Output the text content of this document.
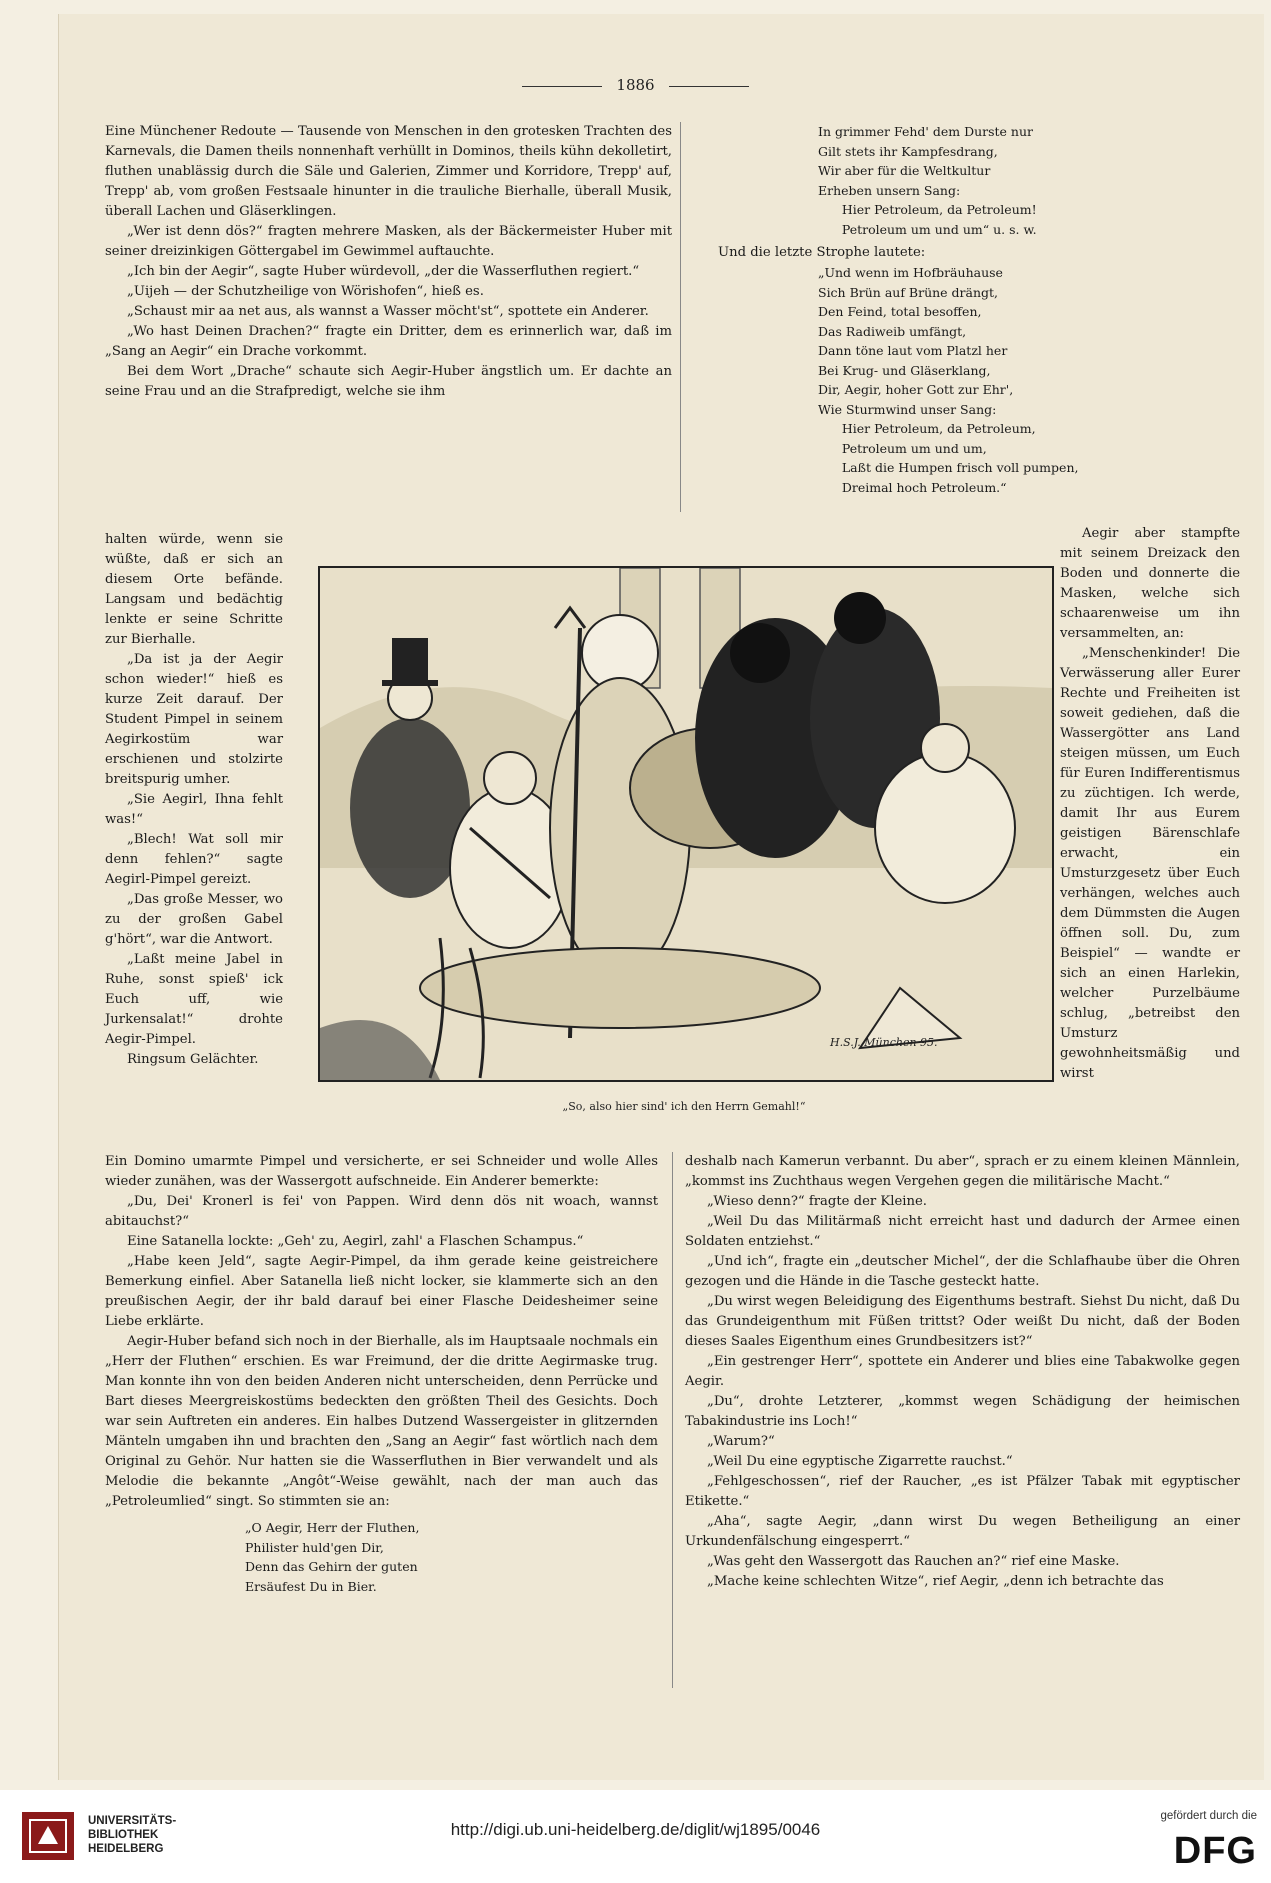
1886

Eine Münchener Redoute — Tausende von Menschen in den grotesken Trachten des Karnevals, die Damen theils nonnenhaft verhüllt in Dominos, theils kühn dekolletirt, fluthen unablässig durch die Säle und Galerien, Zimmer und Korridore, Trepp' auf, Trepp' ab, vom großen Festsaale hinunter in die trauliche Bierhalle, überall Musik, überall Lachen und Gläserklingen.

„Wer ist denn dös?“ fragten mehrere Masken, als der Bäckermeister Huber mit seiner dreizinkigen Göttergabel im Gewimmel auftauchte.

„Ich bin der Aegir“, sagte Huber würdevoll, „der die Wasserfluthen regiert.“

„Uijeh — der Schutzheilige von Wörishofen“, hieß es.

„Schaust mir aa net aus, als wannst a Wasser möcht'st“, spottete ein Anderer.

„Wo hast Deinen Drachen?“ fragte ein Dritter, dem es erinnerlich war, daß im „Sang an Aegir“ ein Drache vorkommt.

Bei dem Wort „Drache“ schaute sich Aegir-Huber ängstlich um. Er dachte an seine Frau und an die Strafpredigt, welche sie ihm

In grimmer Fehd' dem Durste nur
Gilt stets ihr Kampfesdrang,
Wir aber für die Weltkultur
Erheben unsern Sang:
Hier Petroleum, da Petroleum!
Petroleum um und um“ u. s. w.

Und die letzte Strophe lautete:

„Und wenn im Hofbräuhause
Sich Brün auf Brüne drängt,
Den Feind, total besoffen,
Das Radiweib umfängt,
Dann töne laut vom Platzl her
Bei Krug- und Gläserklang,
Dir, Aegir, hoher Gott zur Ehr',
Wie Sturmwind unser Sang:
Hier Petroleum, da Petroleum,
Petroleum um und um,
Laßt die Humpen frisch voll pumpen,
Dreimal hoch Petroleum.“

halten würde, wenn sie wüßte, daß er sich an diesem Orte befände. Langsam und bedächtig lenkte er seine Schritte zur Bierhalle.

„Da ist ja der Aegir schon wieder!“ hieß es kurze Zeit darauf. Der Student Pimpel in seinem Aegirkostüm war erschienen und stolzirte breitspurig umher.

„Sie Aegirl, Ihna fehlt was!“

„Blech! Wat soll mir denn fehlen?“ sagte Aegirl-Pimpel gereizt.

„Das große Messer, wo zu der großen Gabel g'hört“, war die Antwort.

„Laßt meine Jabel in Ruhe, sonst spieß' ick Euch uff, wie Jurkensalat!“ drohte Aegir-Pimpel.

Ringsum Gelächter.

Aegir aber stampfte mit seinem Dreizack den Boden und donnerte die Masken, welche sich schaarenweise um ihn versammelten, an:

„Menschenkinder! Die Verwässerung aller Eurer Rechte und Freiheiten ist soweit gediehen, daß die Wassergötter ans Land steigen müssen, um Euch für Euren Indifferentismus zu züchtigen. Ich werde, damit Ihr aus Eurem geistigen Bärenschlafe erwacht, ein Umsturzgesetz über Euch verhängen, welches auch dem Dümmsten die Augen öffnen soll. Du, zum Beispiel“ — wandte er sich an einen Harlekin, welcher Purzelbäume schlug, „betreibst den Umsturz gewohnheitsmäßig und wirst

H.S.J. München 95.
„So, also hier sind' ich den Herrn Gemahl!“

Ein Domino umarmte Pimpel und versicherte, er sei Schneider und wolle Alles wieder zunähen, was der Wassergott aufschneide. Ein Anderer bemerkte:

„Du, Dei' Kronerl is fei' von Pappen. Wird denn dös nit woach, wannst abitauchst?“

Eine Satanella lockte: „Geh' zu, Aegirl, zahl' a Flaschen Schampus.“

„Habe keen Jeld“, sagte Aegir-Pimpel, da ihm gerade keine geistreichere Bemerkung einfiel. Aber Satanella ließ nicht locker, sie klammerte sich an den preußischen Aegir, der ihr bald darauf bei einer Flasche Deidesheimer seine Liebe erklärte.

Aegir-Huber befand sich noch in der Bierhalle, als im Hauptsaale nochmals ein „Herr der Fluthen“ erschien. Es war Freimund, der die dritte Aegirmaske trug. Man konnte ihn von den beiden Anderen nicht unterscheiden, denn Perrücke und Bart dieses Meergreiskostüms bedeckten den größten Theil des Gesichts. Doch war sein Auftreten ein anderes. Ein halbes Dutzend Wassergeister in glitzernden Mänteln umgaben ihn und brachten den „Sang an Aegir“ fast wörtlich nach dem Original zu Gehör. Nur hatten sie die Wasserfluthen in Bier verwandelt und als Melodie die bekannte „Angôt“-Weise gewählt, nach der man auch das „Petroleumlied“ singt. So stimmten sie an:

„O Aegir, Herr der Fluthen,
Philister huld'gen Dir,
Denn das Gehirn der guten
Ersäufest Du in Bier.

deshalb nach Kamerun verbannt. Du aber“, sprach er zu einem kleinen Männlein, „kommst ins Zuchthaus wegen Vergehen gegen die militärische Macht.“

„Wieso denn?“ fragte der Kleine.

„Weil Du das Militärmaß nicht erreicht hast und dadurch der Armee einen Soldaten entziehst.“

„Und ich“, fragte ein „deutscher Michel“, der die Schlafhaube über die Ohren gezogen und die Hände in die Tasche gesteckt hatte.

„Du wirst wegen Beleidigung des Eigenthums bestraft. Siehst Du nicht, daß Du das Grundeigenthum mit Füßen trittst? Oder weißt Du nicht, daß der Boden dieses Saales Eigenthum eines Grundbesitzers ist?“

„Ein gestrenger Herr“, spottete ein Anderer und blies eine Tabakwolke gegen Aegir.

„Du“, drohte Letzterer, „kommst wegen Schädigung der heimischen Tabakindustrie ins Loch!“

„Warum?“

„Weil Du eine egyptische Zigarrette rauchst.“

„Fehlgeschossen“, rief der Raucher, „es ist Pfälzer Tabak mit egyptischer Etikette.“

„Aha“, sagte Aegir, „dann wirst Du wegen Betheiligung an einer Urkundenfälschung eingesperrt.“

„Was geht den Wassergott das Rauchen an?“ rief eine Maske.

„Mache keine schlechten Witze“, rief Aegir, „denn ich betrachte das

UNIVERSITÄTS-
BIBLIOTHEK
HEIDELBERG
http://digi.ub.uni-heidelberg.de/diglit/wj1895/0046
gefördert durch die
DFG
